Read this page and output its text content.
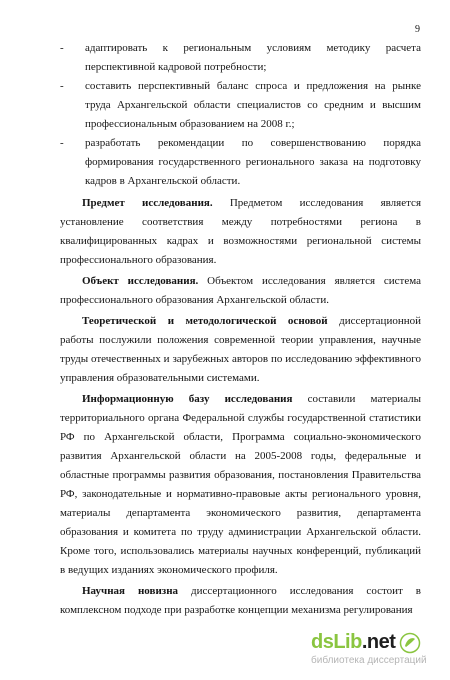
9
- адаптировать к региональным условиям методику расчета перспективной кадровой потребности;
- составить перспективный баланс спроса и предложения на рынке труда Архангельской области специалистов со средним и высшим профессиональным образованием на 2008 г.;
- разработать рекомендации по совершенствованию порядка формирования государственного регионального заказа на подготовку кадров в Архангельской области.
Предмет исследования. Предметом исследования является установление соответствия между потребностями региона в квалифицированных кадрах и возможностями региональной системы профессионального образования.
Объект исследования. Объектом исследования является система профессионального образования Архангельской области.
Теоретической и методологической основой диссертационной работы послужили положения современной теории управления, научные труды отечественных и зарубежных авторов по исследованию эффективного управления образовательными системами.
Информационную базу исследования составили материалы территориального органа Федеральной службы государственной статистики РФ по Архангельской области, Программа социально-экономического развития Архангельской области на 2005-2008 годы, федеральные и областные программы развития образования, постановления Правительства РФ, законодательные и нормативно-правовые акты регионального уровня, материалы департамента экономического развития, департамента образования и комитета по труду администрации Архангельской области. Кроме того, использовались материалы научных конференций, публикаций в ведущих изданиях экономического профиля.
Научная новизна диссертационного исследования состоит в комплексном подходе при разработке концепции механизма регулирования
dsLib.net
библиотека диссертаций
